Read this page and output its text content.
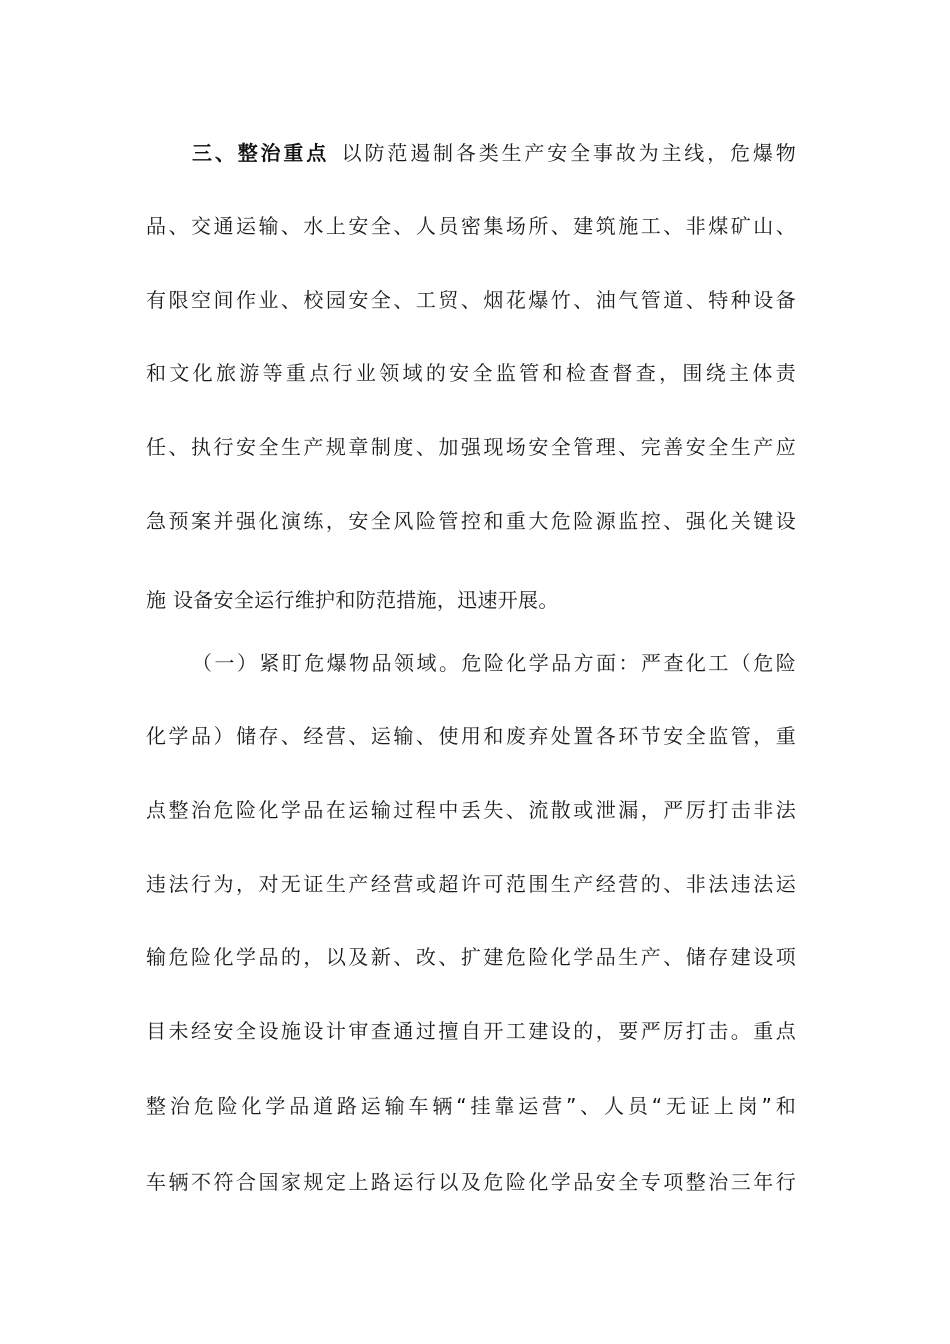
三、整治重点 以防范遏制各类生产安全事故为主线，危爆物

品、交通运输、水上安全、人员密集场所、建筑施工、非煤矿山、

有限空间作业、校园安全、工贸、烟花爆竹、油气管道、特种设备

和文化旅游等重点行业领域的安全监管和检查督查，围绕主体责

任、执行安全生产规章制度、加强现场安全管理、完善安全生产应

急预案并强化演练，安全风险管控和重大危险源监控、强化关键设

施 设备安全运行维护和防范措施，迅速开展。

（一）紧盯危爆物品领域。危险化学品方面：严查化工（危险

化学品）储存、经营、运输、使用和废弃处置各环节安全监管，重

点整治危险化学品在运输过程中丢失、流散或泄漏，严厉打击非法

违法行为，对无证生产经营或超许可范围生产经营的、非法违法运

输危险化学品的，以及新、改、扩建危险化学品生产、储存建设项

目未经安全设施设计审查通过擅自开工建设的，要严厉打击。重点

整治危险化学品道路运输车辆“挂靠运营”、人员“无证上岗”和

车辆不符合国家规定上路运行以及危险化学品安全专项整治三年行
